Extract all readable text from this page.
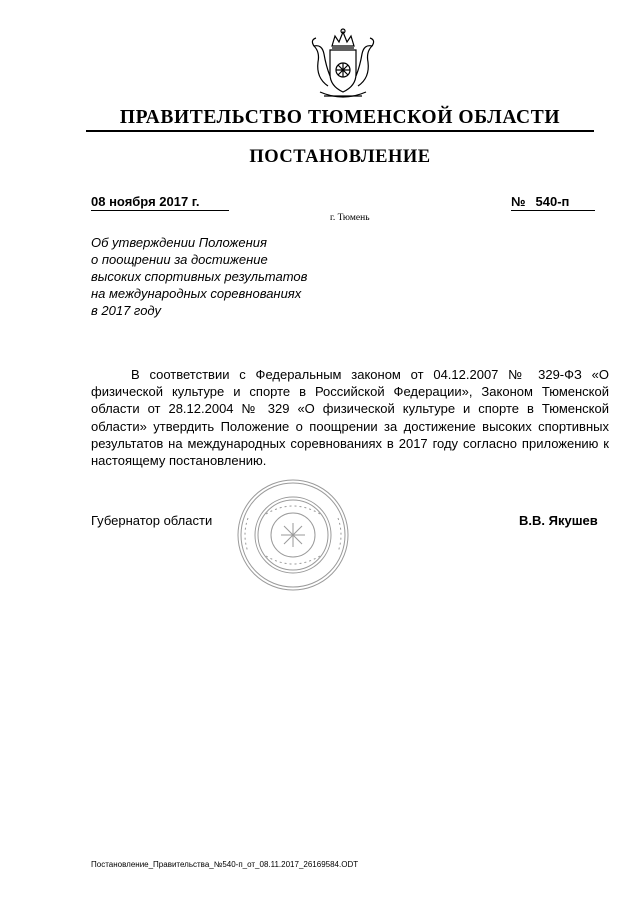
ПРАВИТЕЛЬСТВО ТЮМЕНСКОЙ ОБЛАСТИ
ПОСТАНОВЛЕНИЕ
08 ноября 2017 г.	№ 540-п
г. Тюмень
Об утверждении Положения
о поощрении за достижение
высоких спортивных результатов
на международных соревнованиях
в 2017 году

В соответствии с Федеральным законом от 04.12.2007 № 329-ФЗ «О физической культуре и спорте в Российской Федерации», Законом Тюменской области от 28.12.2004 № 329 «О физической культуре и спорте в Тюменской области» утвердить Положение о поощрении за достижение высоких спортивных результатов на международных соревнованиях в 2017 году согласно приложению к настоящему постановлению.

Губернатор области	В.В. Якушев
Постановление_Правительства_№540-п_от_08.11.2017_26169584.ODT
